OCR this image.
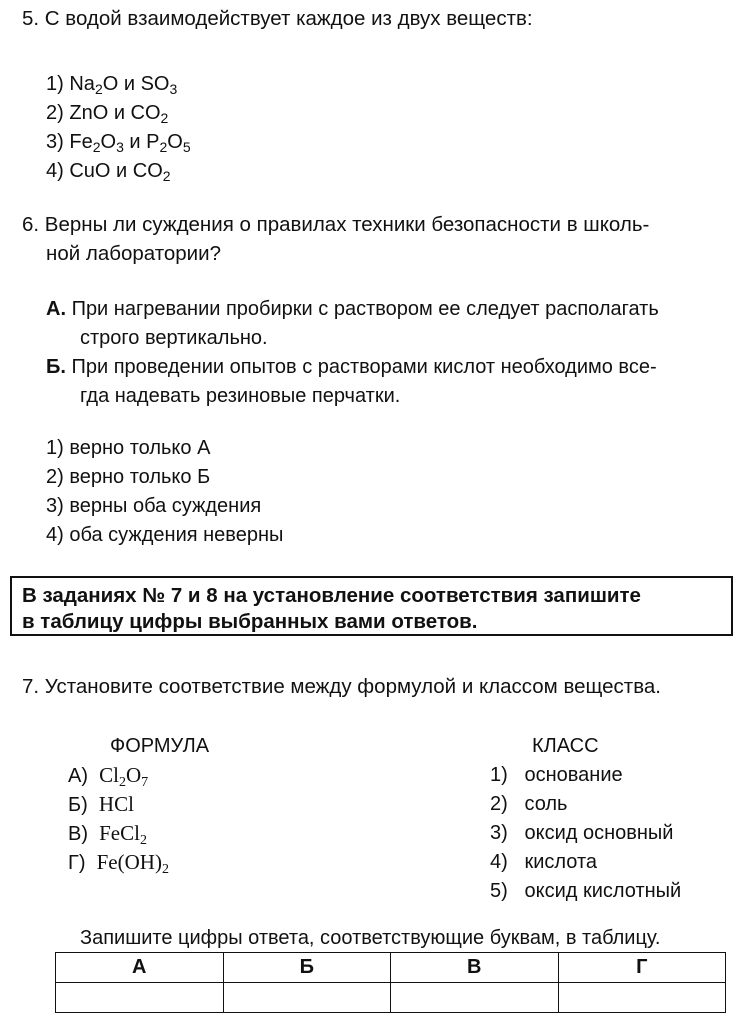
5. С водой взаимодействует каждое из двух веществ:
1) $Na_2O$ и $SO_3$
2) ZnO и $CO_2$
3) $Fe_2O_3$ и $P_2O_5$
4) CuO и $CO_2$
6. Верны ли суждения о правилах техники безопасности в школь-
ной лаборатории?
А. При нагревании пробирки с раствором ее следует располагать
строго вертикально.
Б. При проведении опытов с растворами кислот необходимо все-
гда надевать резиновые перчатки.
1) верно только А
2) верно только Б
3) верны оба суждения
4) оба суждения неверны
В заданиях № 7 и 8 на установление соответствия запишите
в таблицу цифры выбранных вами ответов.
7. Установите соответствие между формулой и классом вещества.
ФОРМУЛА	КЛАСС
А) $Cl_2O_7$
Б) HCl
В) FeCl$_2$
Г) $Fe(OH)_2$
1) основание
2) соль
3) оксид основный
4) кислота
5) оксид кислотный
Запишите цифры ответа, соответствующие буквам, в таблицу.
А	Б	В	Г
